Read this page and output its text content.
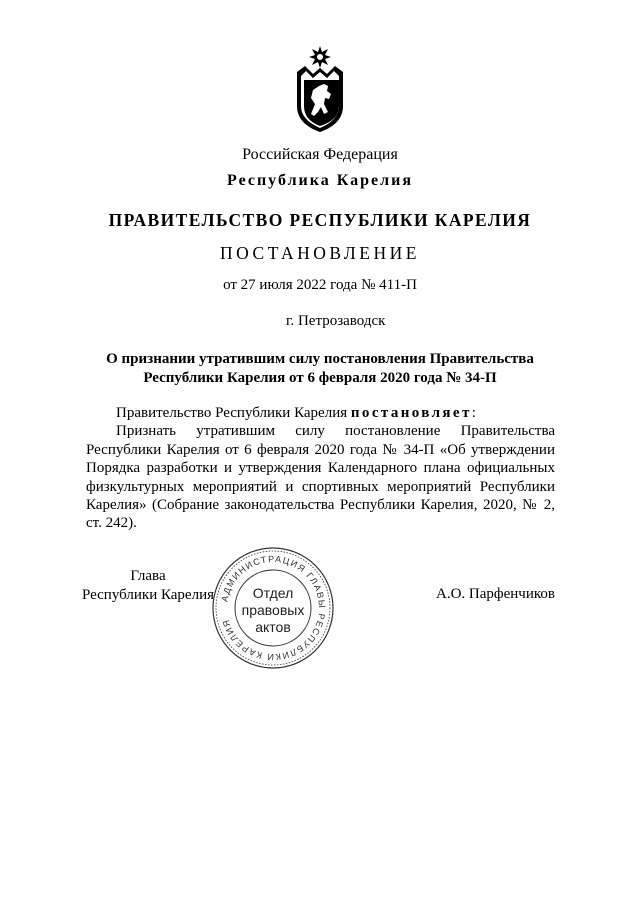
Российская Федерация
Республика Карелия
ПРАВИТЕЛЬСТВО РЕСПУБЛИКИ КАРЕЛИЯ
ПОСТАНОВЛЕНИЕ
от 27 июля 2022 года № 411-П
г. Петрозаводск
О признании утратившим силу постановления Правительства
Республики Карелия от 6 февраля 2020 года № 34-П
Правительство Республики Карелия постановляет:
Признать утратившим силу постановление Правительства Республики Карелия от 6 февраля 2020 года № 34-П «Об утверждении Порядка разработки и утверждения Календарного плана официальных физкультурных мероприятий и спортивных мероприятий Республики Карелия» (Собрание законодательства Республики Карелия, 2020, № 2, ст. 242).
Глава
Республики Карелия АДМИНИСТРАЦИЯ ГЛАВЫ РЕСПУБЛИКИ КАРЕЛИЯ
Отдел
правовых
актов
А.О. Парфенчиков
